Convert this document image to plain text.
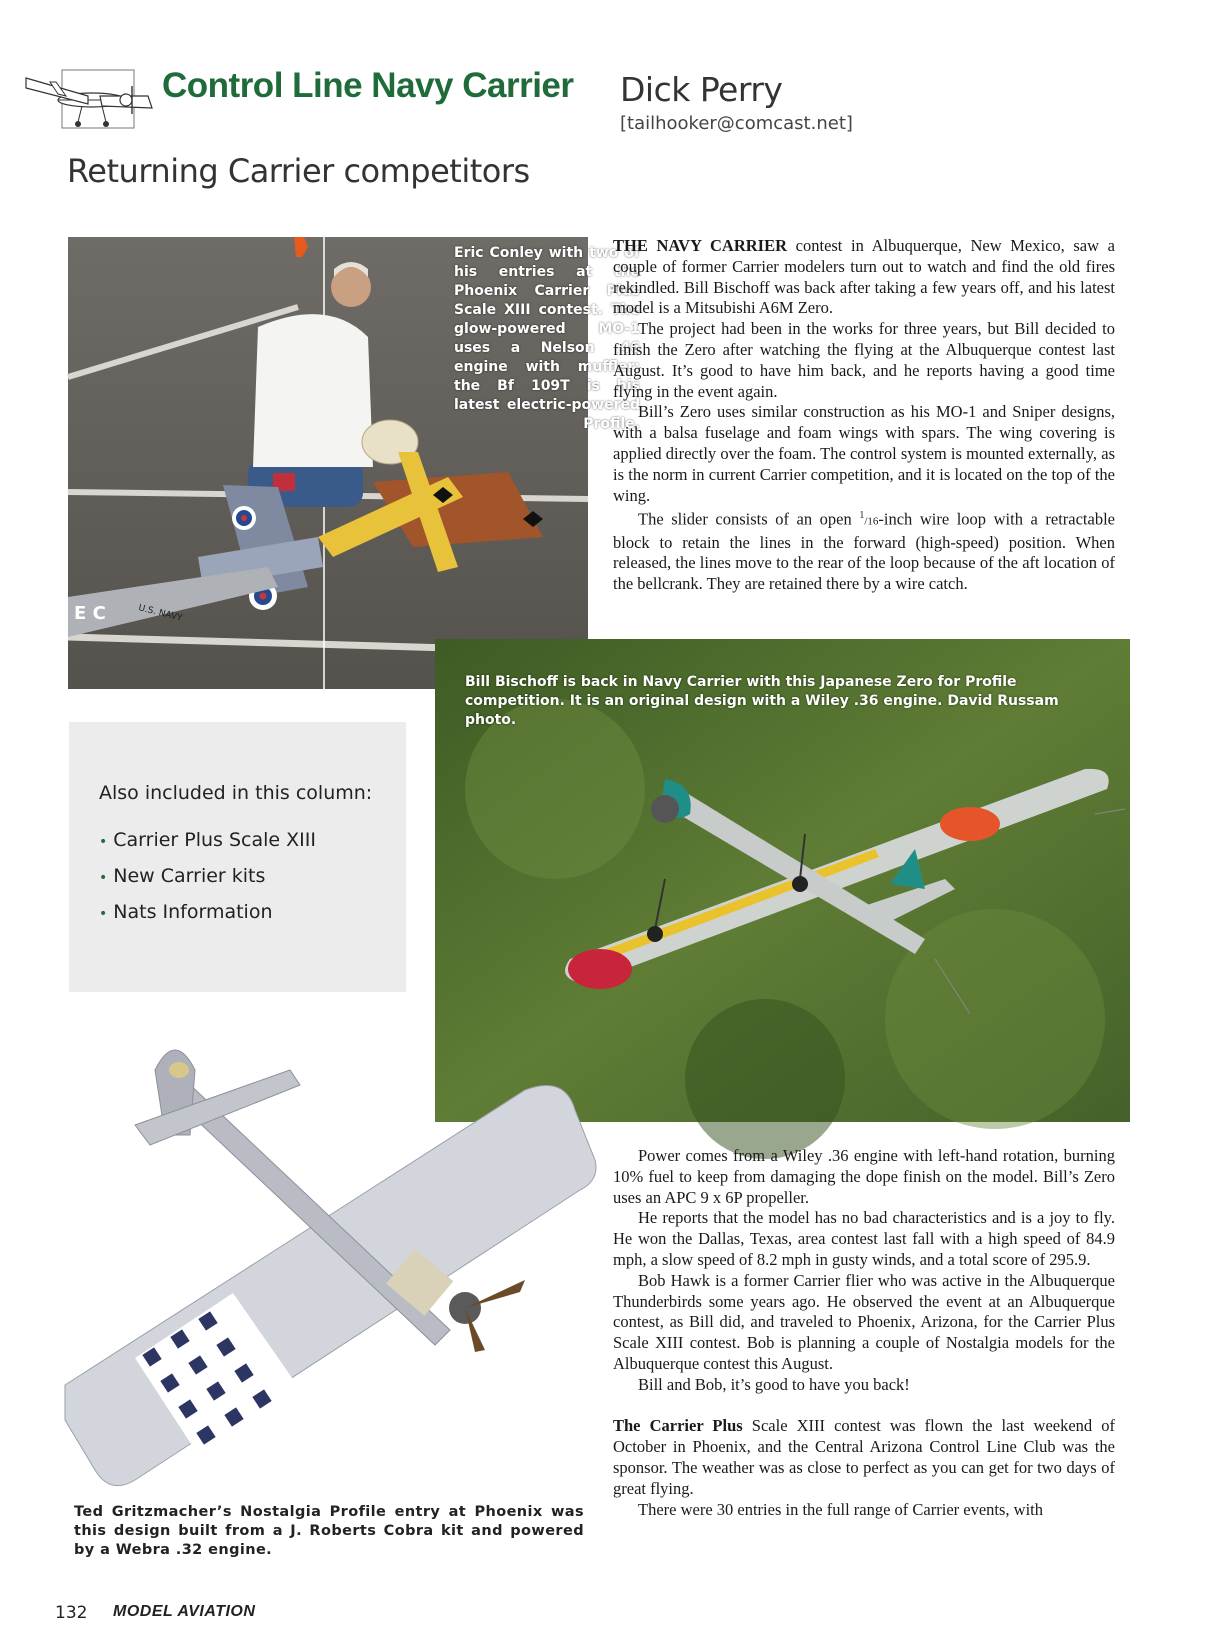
Control Line Navy Carrier Dick Perry
[tailhooker@comcast.net]
Returning Carrier competitors
U.S. NAVY
E C
Eric Conley with two of his entries at the Phoenix Carrier Plus Scale XIII contest. The glow-powered MO-1 uses a Nelson .46 engine with muffler; the Bf 109T is his latest electric-powered Profile.

THE NAVY CARRIER contest in Albuquerque, New Mexico, saw a couple of former Carrier modelers turn out to watch and find the old fires rekindled. Bill Bischoff was back after taking a few years off, and his latest model is a Mitsubishi A6M Zero.

The project had been in the works for three years, but Bill decided to finish the Zero after watching the flying at the Albuquerque contest last August. It’s good to have him back, and he reports having a good time flying in the event again.

Bill’s Zero uses similar construction as his MO-1 and Sniper designs, with a balsa fuselage and foam wings with spars. The wing covering is applied directly over the foam. The control system is mounted externally, as is the norm in current Carrier competition, and it is located on the top of the wing.

The slider consists of an open $^1$/16-inch wire loop with a retractable block to retain the lines in the forward (high-speed) position. When released, the lines move to the rear of the loop because of the aft location of the bellcrank. They are retained there by a wire catch.

Bill Bischoff is back in Navy Carrier with this Japanese Zero for Profile competition. It is an original design with a Wiley .36 engine. David Russam photo.
Also included in this column:
• Carrier Plus Scale XIII
• New Carrier kits
• Nats Information
Ted Gritzmacher’s Nostalgia Profile entry at Phoenix was this design built from a J. Roberts Cobra kit and powered by a Webra .32 engine.

Power comes from a Wiley .36 engine with left-hand rotation, burning 10% fuel to keep from damaging the dope finish on the model. Bill’s Zero uses an APC 9 x 6P propeller.

He reports that the model has no bad characteristics and is a joy to fly. He won the Dallas, Texas, area contest last fall with a high speed of 84.9 mph, a slow speed of 8.2 mph in gusty winds, and a total score of 295.9.

Bob Hawk is a former Carrier flier who was active in the Albuquerque Thunderbirds some years ago. He observed the event at an Albuquerque contest, as Bill did, and traveled to Phoenix, Arizona, for the Carrier Plus Scale XIII contest. Bob is planning a couple of Nostalgia models for the Albuquerque contest this August.

Bill and Bob, it’s good to have you back!

The Carrier Plus Scale XIII contest was flown the last weekend of October in Phoenix, and the Central Arizona Control Line Club was the sponsor. The weather was as close to perfect as you can get for two days of great flying.

There were 30 entries in the full range of Carrier events, with

132 MODEL AVIATION
